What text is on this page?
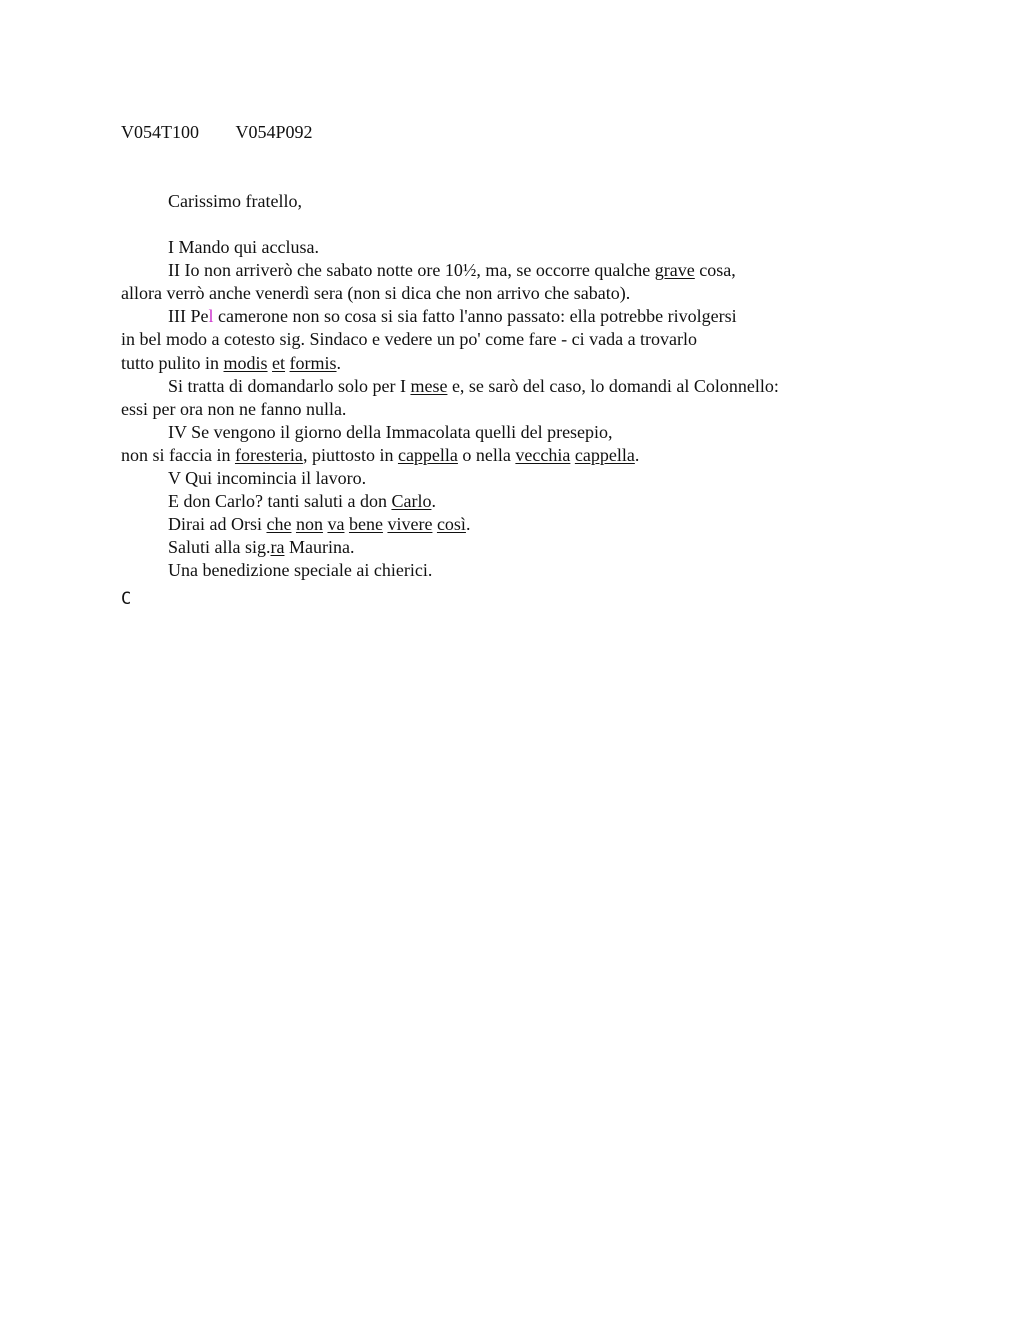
V054T100 V054P092
Carissimo fratello,
I Mando qui acclusa.
II Io non arriverò che sabato notte ore 10½, ma, se occorre qualche grave cosa,
allora verrò anche venerdì sera (non si dica che non arrivo che sabato).
III Pel camerone non so cosa si sia fatto l'anno passato: ella potrebbe rivolgersi
in bel modo a cotesto sig. Sindaco e vedere un po' come fare - ci vada a trovarlo
tutto pulito in modis et formis.
Si tratta di domandarlo solo per I mese e, se sarò del caso, lo domandi al Colonnello:
essi per ora non ne fanno nulla.
IV Se vengono il giorno della Immacolata quelli del presepio,
non si faccia in foresteria, piuttosto in cappella o nella vecchia cappella.
V Qui incomincia il lavoro.
E don Carlo? tanti saluti a don Carlo.
Dirai ad Orsi che non va bene vivere così.
Saluti alla sig.ra Maurina.
Una benedizione speciale ai chierici.
C
